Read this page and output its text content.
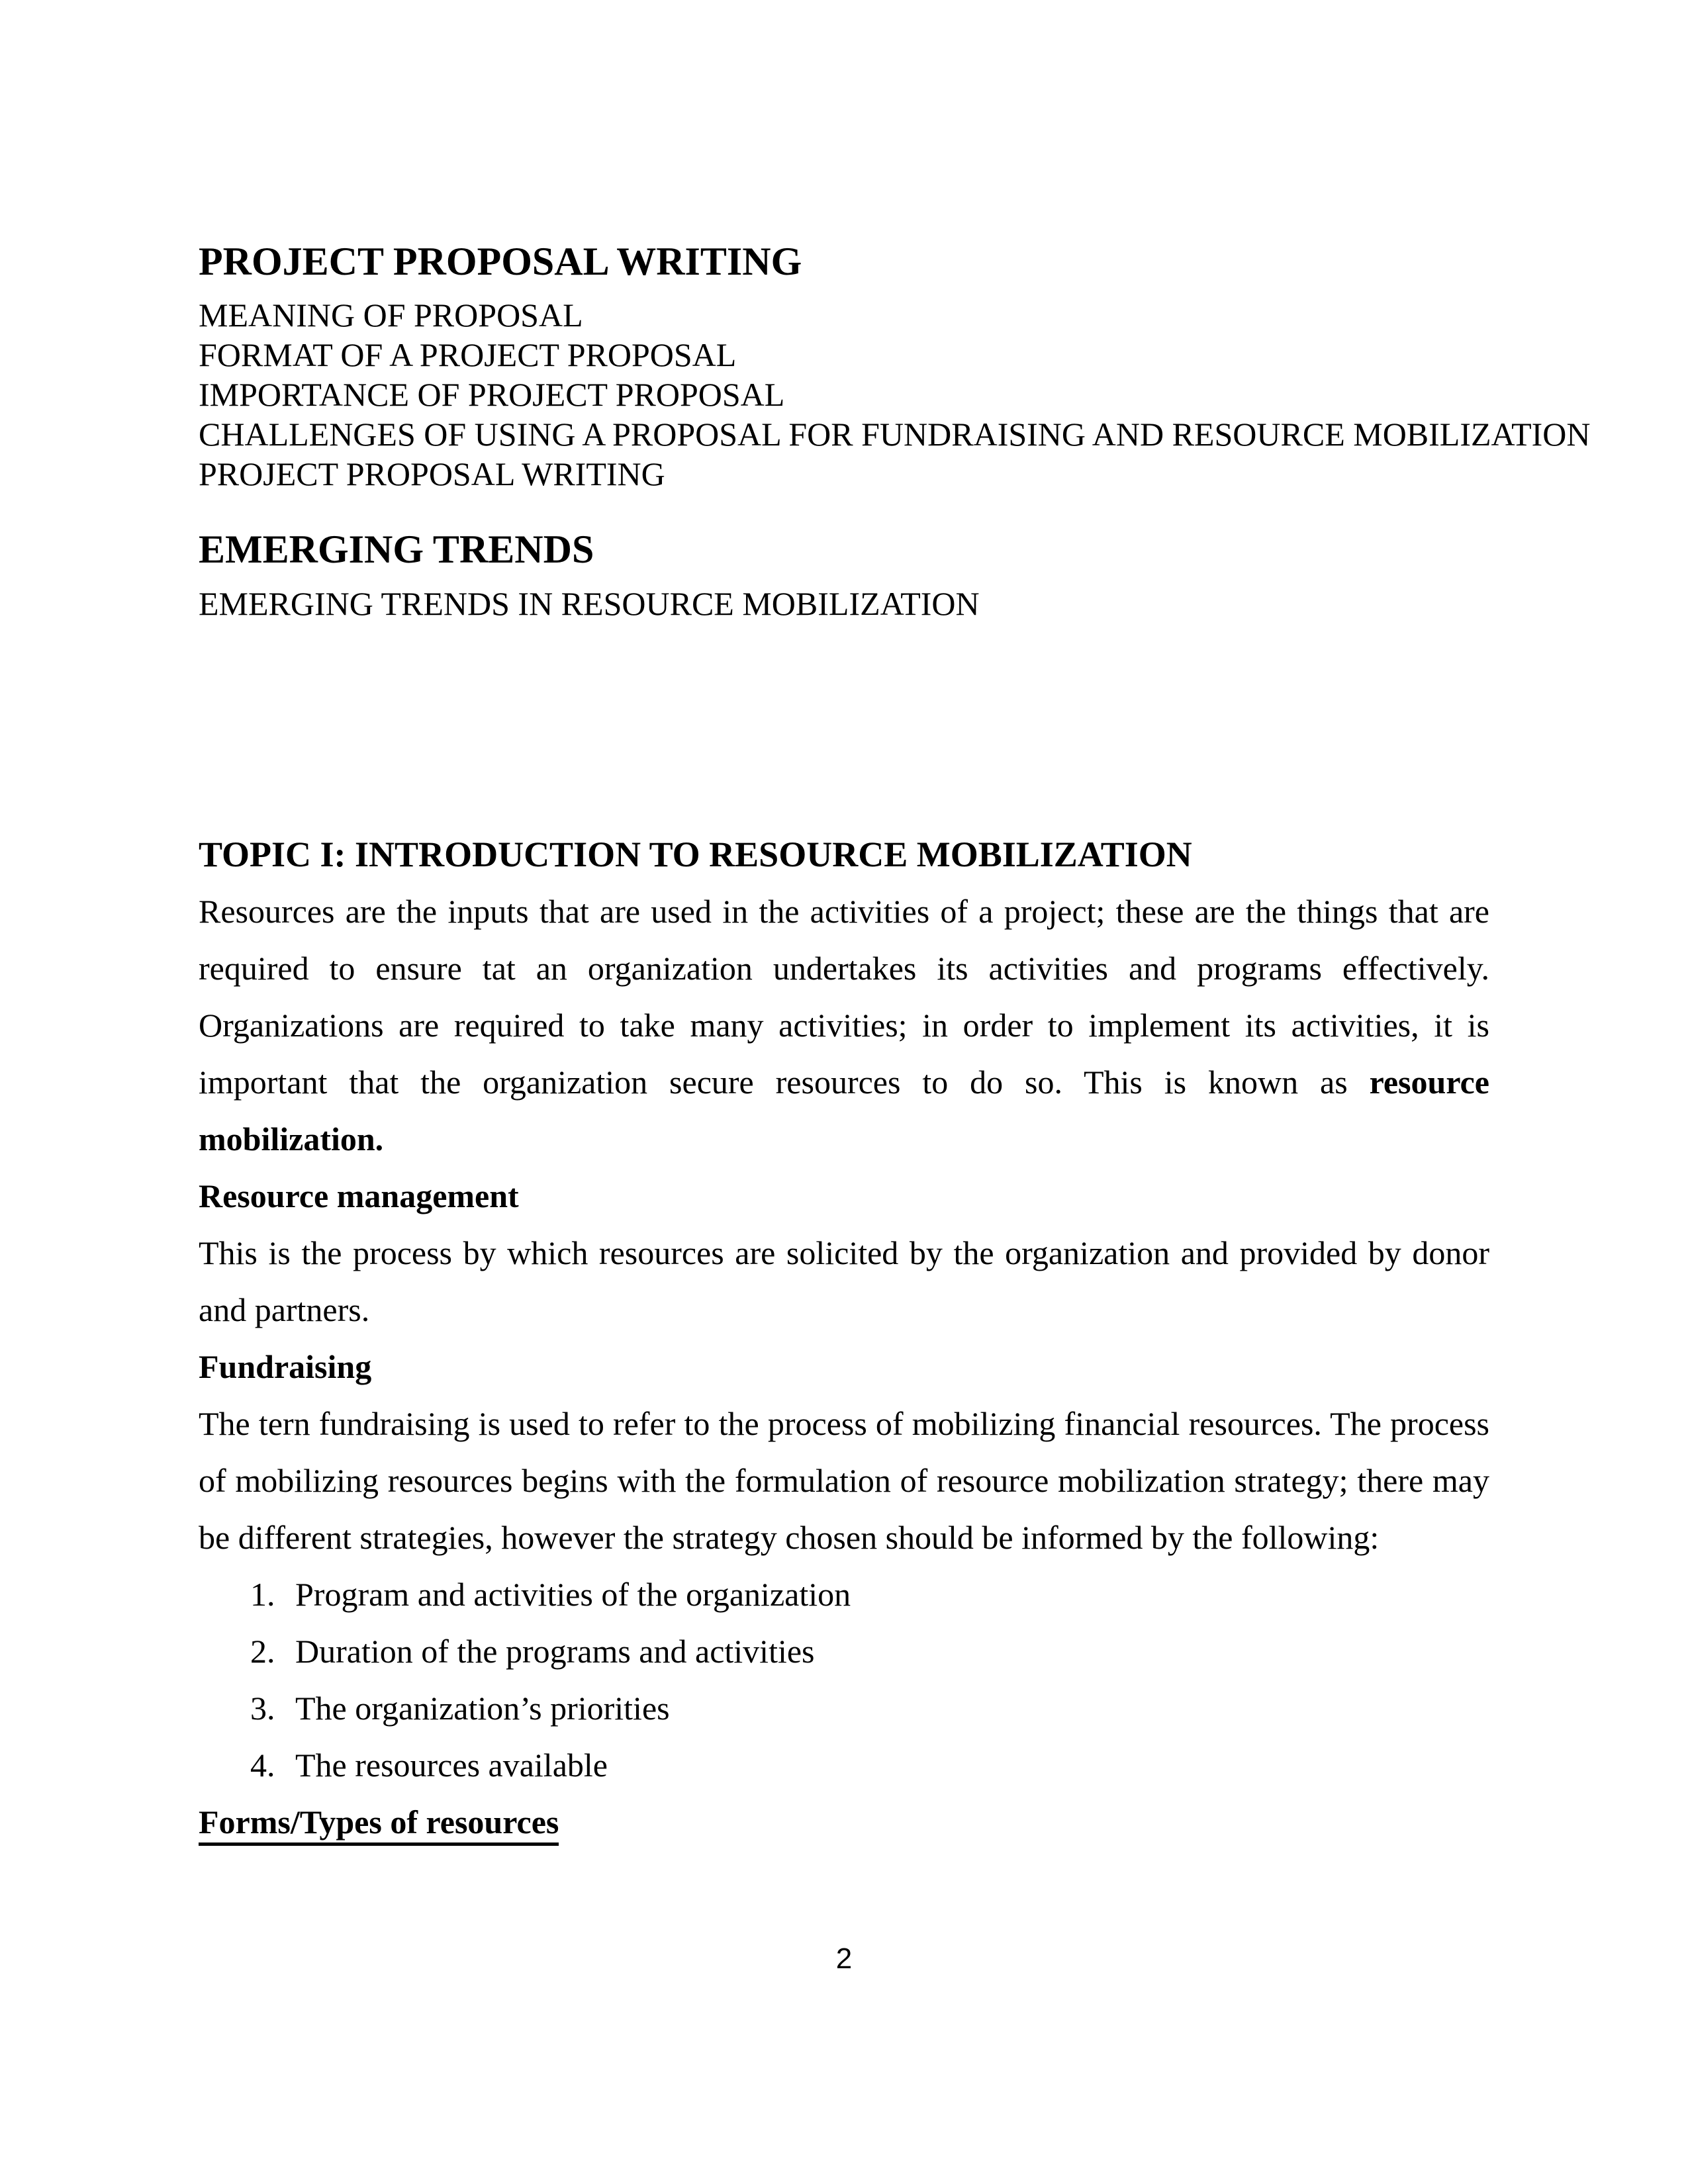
PROJECT PROPOSAL WRITING

MEANING OF PROPOSAL

FORMAT OF A PROJECT PROPOSAL

IMPORTANCE OF PROJECT PROPOSAL

CHALLENGES OF USING A PROPOSAL FOR FUNDRAISING AND RESOURCE MOBILIZATION

PROJECT PROPOSAL WRITING

EMERGING TRENDS

EMERGING TRENDS IN RESOURCE MOBILIZATION

TOPIC I: INTRODUCTION TO RESOURCE MOBILIZATION

Resources are the inputs that are used in the activities of a project; these are the things that are required to ensure tat an organization undertakes its activities and programs effectively. Organizations are required to take many activities; in order to implement its activities, it is important that the organization secure resources to do so. This is known as resource mobilization.

Resource management

This is the process by which resources are solicited by the organization and provided by donor and partners.

Fundraising

The tern fundraising is used to refer to the process of mobilizing financial resources. The process of mobilizing resources begins with the formulation of resource mobilization strategy; there may be different strategies, however the strategy chosen should be informed by the following:

1. Program and activities of the organization

2. Duration of the programs and activities

3. The organization’s priorities

4. The resources available

Forms/Types of resources
2
